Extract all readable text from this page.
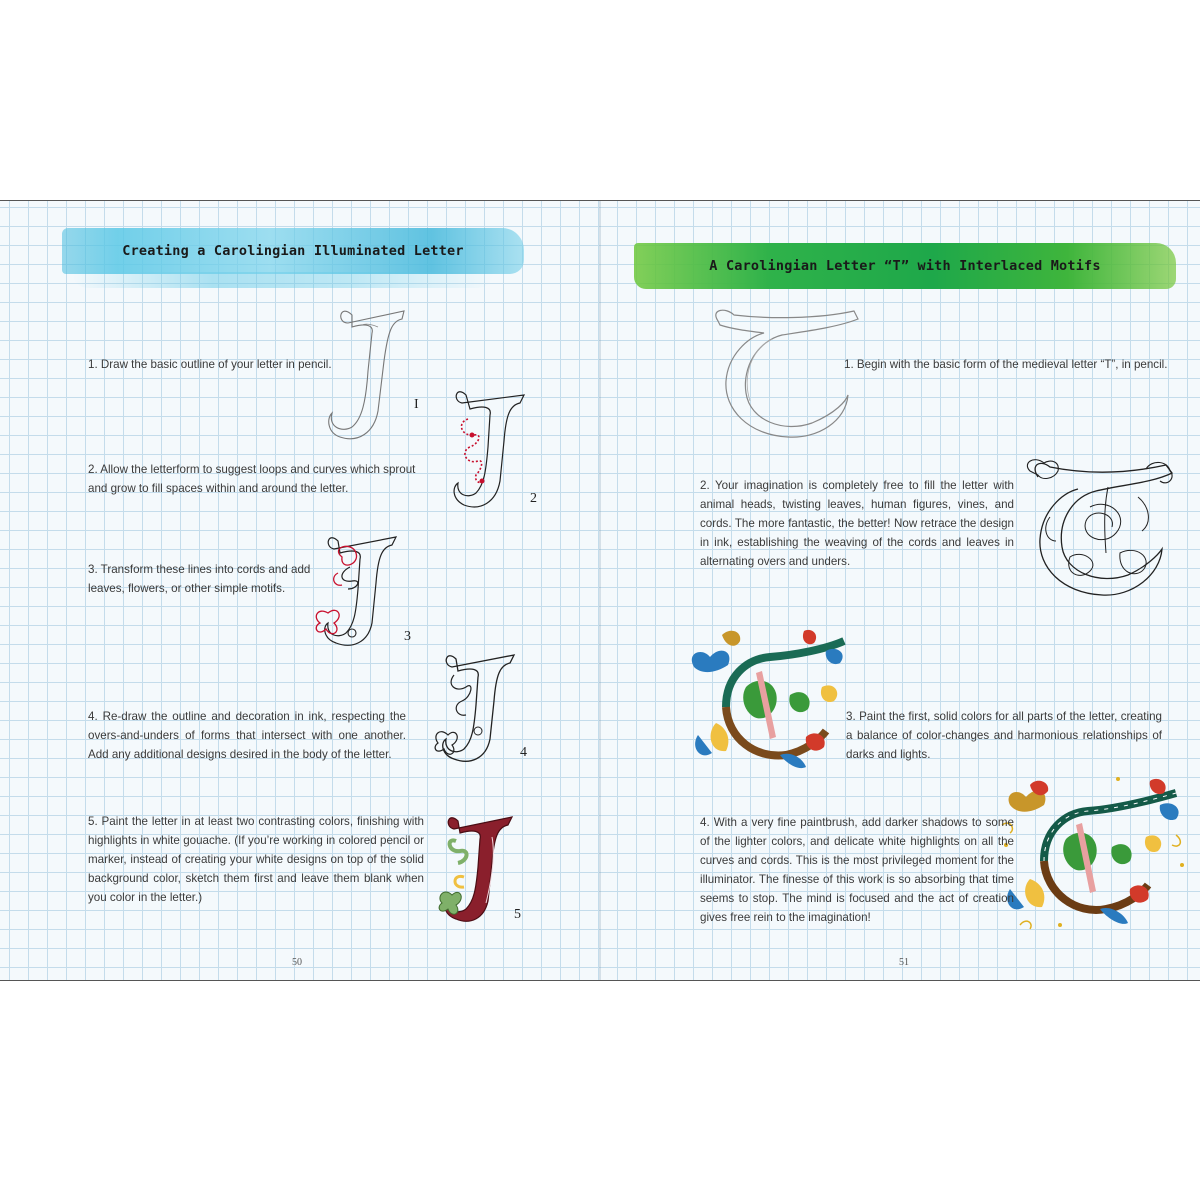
Creating a Carolingian Illuminated Letter

1. Draw the basic outline of your letter in pencil.

2. Allow the letterform to suggest loops and curves which sprout and grow to fill spaces within and around the letter.

3. Transform these lines into cords and add leaves, flowers, or other simple motifs.

4. Re-draw the outline and decoration in ink, respecting the overs-and-unders of forms that intersect with one another. Add any additional designs desired in the body of the letter.

5. Paint the letter in at least two contrasting colors, finishing with highlights in white gouache. (If you’re working in colored pencil or marker, instead of creating your white designs on top of the solid background color, sketch them first and leave them blank when you color in the letter.)

I
2
3
4
5
50
A Carolingian Letter “T” with Interlaced Motifs

1. Begin with the basic form of the medieval letter “T”, in pencil.

2. Your imagination is completely free to fill the letter with animal heads, twisting leaves, human figures, vines, and cords. The more fantastic, the better! Now retrace the design in ink, establishing the weaving of the cords and leaves in alternating overs and unders.

3. Paint the first, solid colors for all parts of the letter, creating a balance of color-changes and harmonious relationships of darks and lights.

4. With a very fine paintbrush, add darker shadows to some of the lighter colors, and delicate white highlights on all the curves and cords. This is the most privileged moment for the illuminator. The finesse of this work is so absorbing that time seems to stop. The mind is focused and the act of creation gives free rein to the imagination!

51
